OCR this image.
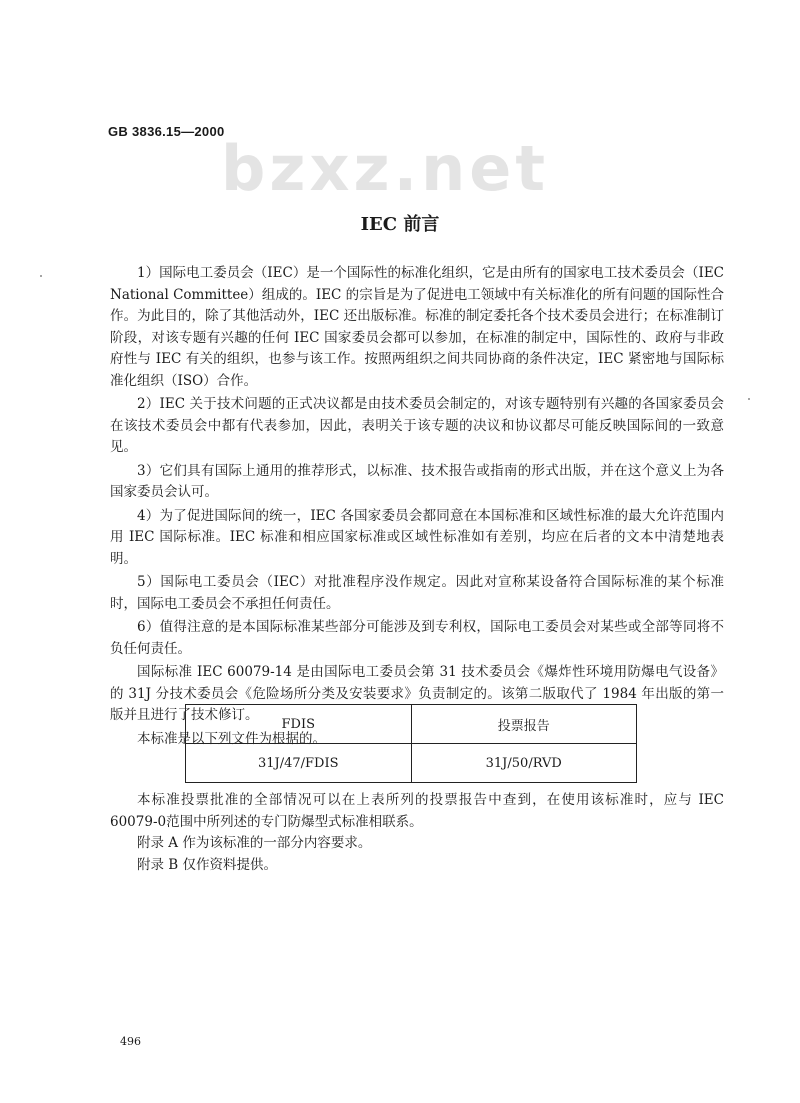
GB 3836.15—2000
bzxz.net
IEC 前言

1）国际电工委员会（IEC）是一个国际性的标准化组织，它是由所有的国家电工技术委员会（IEC National Committee）组成的。IEC 的宗旨是为了促进电工领域中有关标准化的所有问题的国际性合作。为此目的，除了其他活动外，IEC 还出版标准。标准的制定委托各个技术委员会进行；在标准制订阶段，对该专题有兴趣的任何 IEC 国家委员会都可以参加，在标准的制定中，国际性的、政府与非政府性与 IEC 有关的组织，也参与该工作。按照两组织之间共同协商的条件决定，IEC 紧密地与国际标准化组织（ISO）合作。

2）IEC 关于技术问题的正式决议都是由技术委员会制定的，对该专题特别有兴趣的各国家委员会在该技术委员会中都有代表参加，因此，表明关于该专题的决议和协议都尽可能反映国际间的一致意见。

3）它们具有国际上通用的推荐形式，以标准、技术报告或指南的形式出版，并在这个意义上为各国家委员会认可。

4）为了促进国际间的统一，IEC 各国家委员会都同意在本国标准和区域性标准的最大允许范围内用 IEC 国际标准。IEC 标准和相应国家标准或区域性标准如有差别，均应在后者的文本中清楚地表明。

5）国际电工委员会（IEC）对批准程序没作规定。因此对宣称某设备符合国际标准的某个标准时，国际电工委员会不承担任何责任。

6）值得注意的是本国际标准某些部分可能涉及到专利权，国际电工委员会对某些或全部等同将不负任何责任。

国际标准 IEC 60079-14 是由国际电工委员会第 31 技术委员会《爆炸性环境用防爆电气设备》的 31J 分技术委员会《危险场所分类及安装要求》负责制定的。该第二版取代了 1984 年出版的第一版并且进行了技术修订。

本标准是以下列文件为根据的。

FDIS	投票报告
31J/47/FDIS	31J/50/RVD

本标准投票批准的全部情况可以在上表所列的投票报告中查到，在使用该标准时，应与 IEC 60079-0范围中所列述的专门防爆型式标准相联系。

附录 A 作为该标准的一部分内容要求。

附录 B 仅作资料提供。

496
